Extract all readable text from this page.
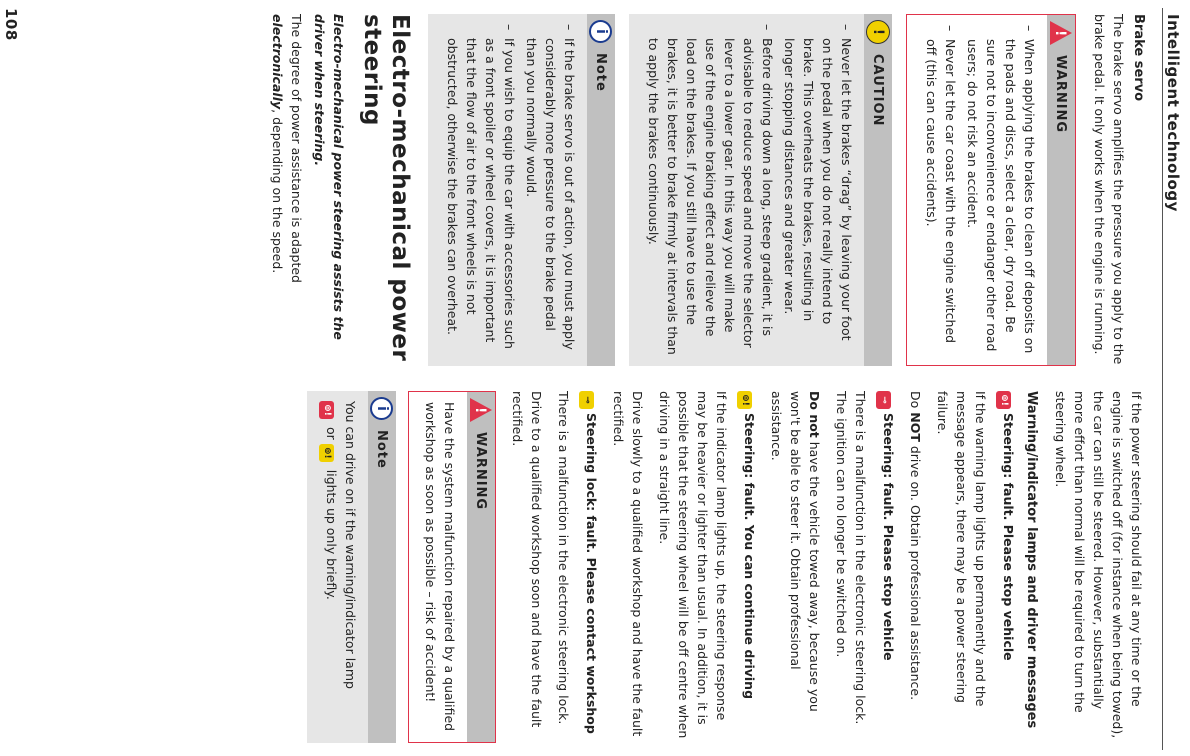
Intelligent technology
Brake servo

The brake servo amplifies the pressure you apply to the brake pedal. It only works when the engine is running.

!
WARNING
– When applying the brakes to clean off deposits on the pads and discs, select a clear, dry road. Be sure not to inconvenience or endanger other road users; do not risk an accident.
– Never let the car coast with the engine switched off (this can cause accidents).
!
CAUTION
– Never let the brakes “drag” by leaving your foot on the pedal when you do not really intend to brake. This overheats the brakes, resulting in longer stopping distances and greater wear.
– Before driving down a long, steep gradient, it is advisable to reduce speed and move the selector lever to a lower gear. In this way you will make use of the engine braking effect and relieve the load on the brakes. If you still have to use the brakes, it is better to brake firmly at intervals than to apply the brakes continuously.
i
Note
– If the brake servo is out of action, you must apply considerably more pressure to the brake pedal than you normally would.
– If you wish to equip the car with accessories such as a front spoiler or wheel covers, it is important that the flow of air to the front wheels is not obstructed, otherwise the brakes can overheat.
Electro-mechanical power steering

Electro-mechanical power steering assists the driver when steering.

The degree of power assistance is adapted electronically, depending on the speed.

If the power steering should fail at any time or the engine is switched off (for instance when being towed), the car can still be steered. However, substantially more effort than normal will be required to turn the steering wheel.

Warning/indicator lamps and driver messages
⊚!Steering: fault. Please stop vehicle

If the warning lamp lights up permanently and the message appears, there may be a power steering failure.

Do NOT drive on. Obtain professional assistance.

⊸Steering: fault. Please stop vehicle

There is a malfunction in the electronic steering lock. The ignition can no longer be switched on.

Do not have the vehicle towed away, because you won't be able to steer it. Obtain professional assistance.

⊚!Steering: fault. You can continue driving

If the indicator lamp lights up, the steering response may be heavier or lighter than usual. In addition, it is possible that the steering wheel will be off centre when driving in a straight line.

Drive slowly to a qualified workshop and have the fault rectified.

⊸Steering lock: fault. Please contact workshop

There is a malfunction in the electronic steering lock.

Drive to a qualified workshop soon and have the fault rectified.

!
WARNING
Have the system malfunction repaired by a qualified workshop as soon as possible – risk of accident!
i
Note
You can drive on if the warning/indicator lamp
⊚! or ⊚! lights up only briefly.
108
